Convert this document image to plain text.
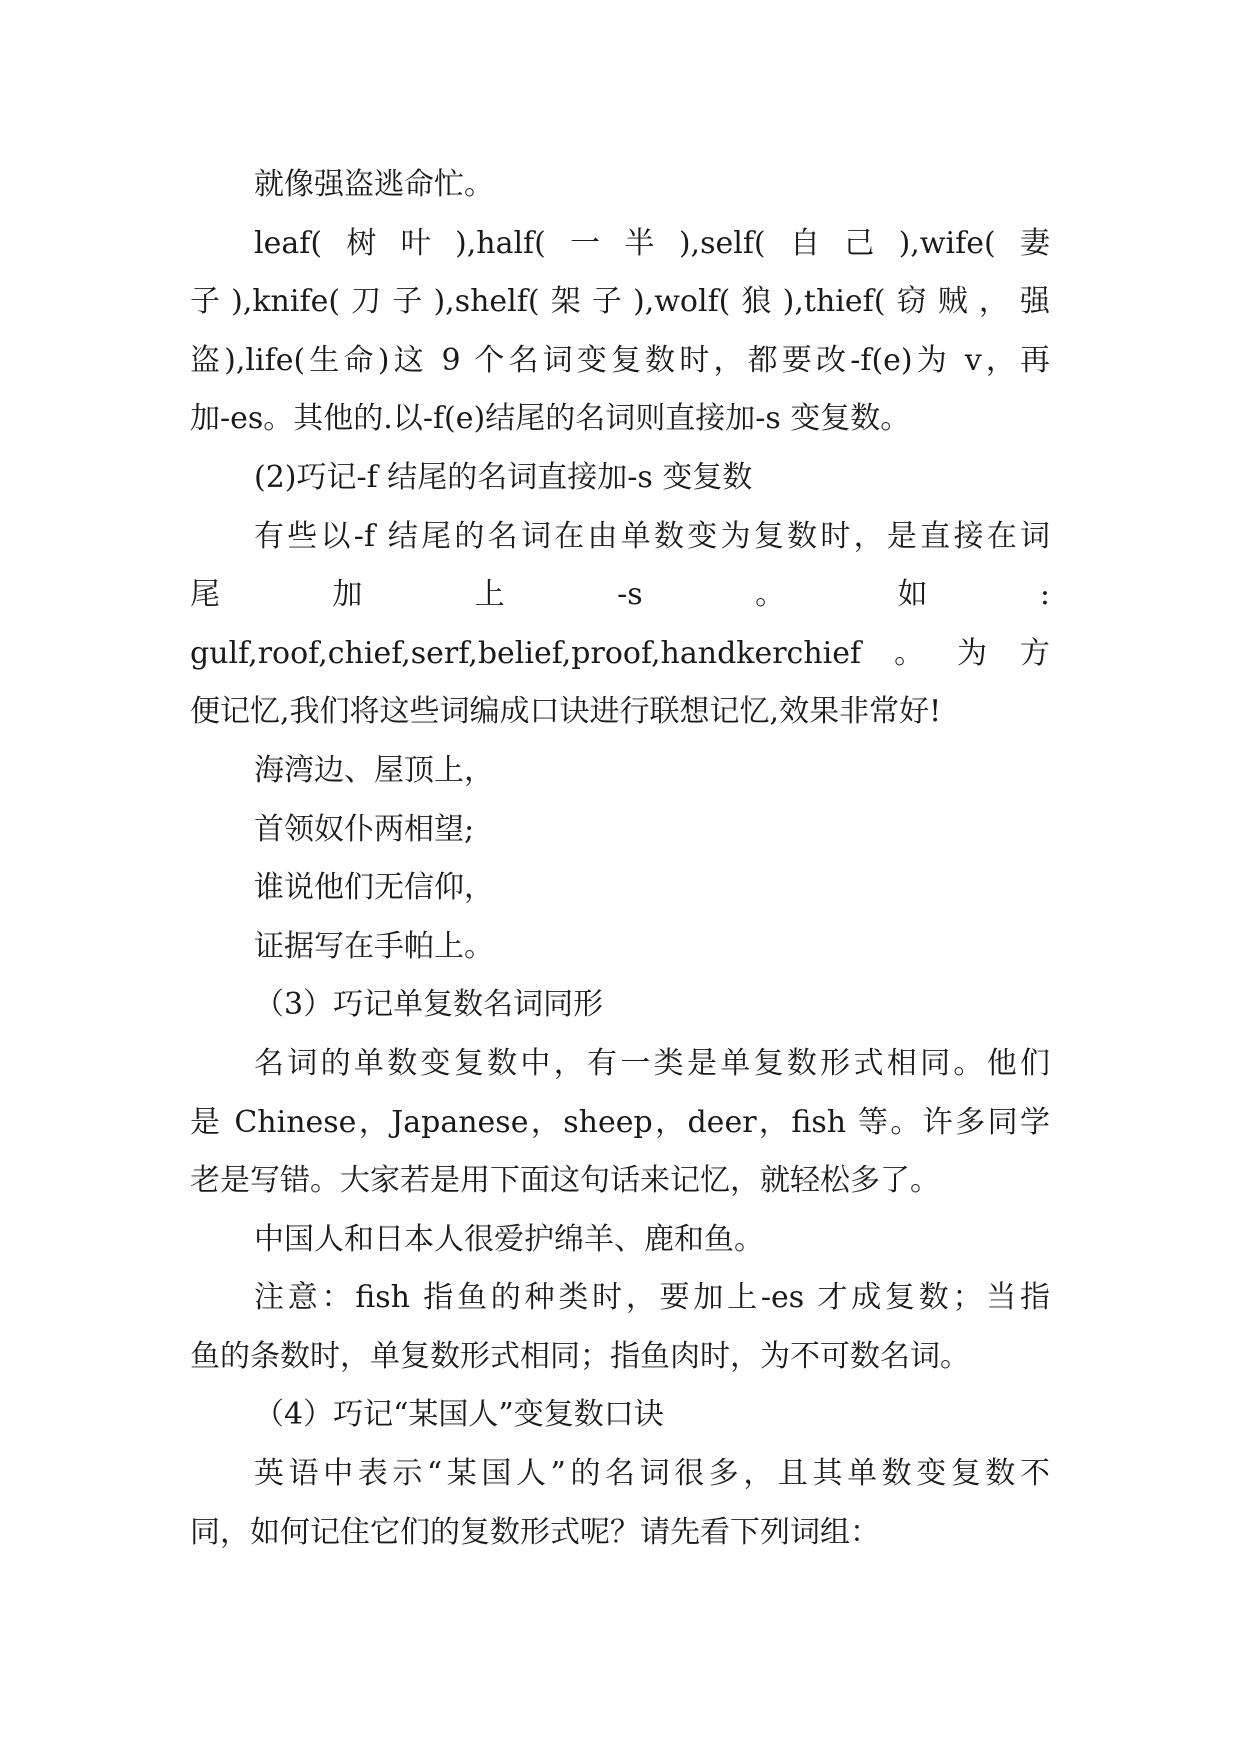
就像强盗逃命忙。
leaf(树叶),half(一半),self(自己),wife(妻
子),knife(刀子),shelf(架子),wolf(狼),thief(窃贼，强
盗),life(生命)这 9 个名词变复数时，都要改-f(e)为 v，再
加-es。其他的.以-f(e)结尾的名词则直接加-s 变复数。
(2)巧记-f 结尾的名词直接加-s 变复数
有些以-f 结尾的名词在由单数变为复数时，是直接在词
尾	加	上	-s	。	如	:
gulf,roof,chief,serf,belief,proof,handkerchief。为方
便记忆,我们将这些词编成口诀进行联想记忆,效果非常好!
海湾边、屋顶上，
首领奴仆两相望;
谁说他们无信仰，
证据写在手帕上。
（3）巧记单复数名词同形
名词的单数变复数中，有一类是单复数形式相同。他们
是 Chinese，Japanese，sheep，deer，fish 等。许多同学
老是写错。大家若是用下面这句话来记忆，就轻松多了。
中国人和日本人很爱护绵羊、鹿和鱼。
注意：fish 指鱼的种类时，要加上-es 才成复数；当指
鱼的条数时，单复数形式相同；指鱼肉时，为不可数名词。
（4）巧记“某国人”变复数口诀
英语中表示“某国人”的名词很多，且其单数变复数不
同，如何记住它们的复数形式呢？请先看下列词组：
